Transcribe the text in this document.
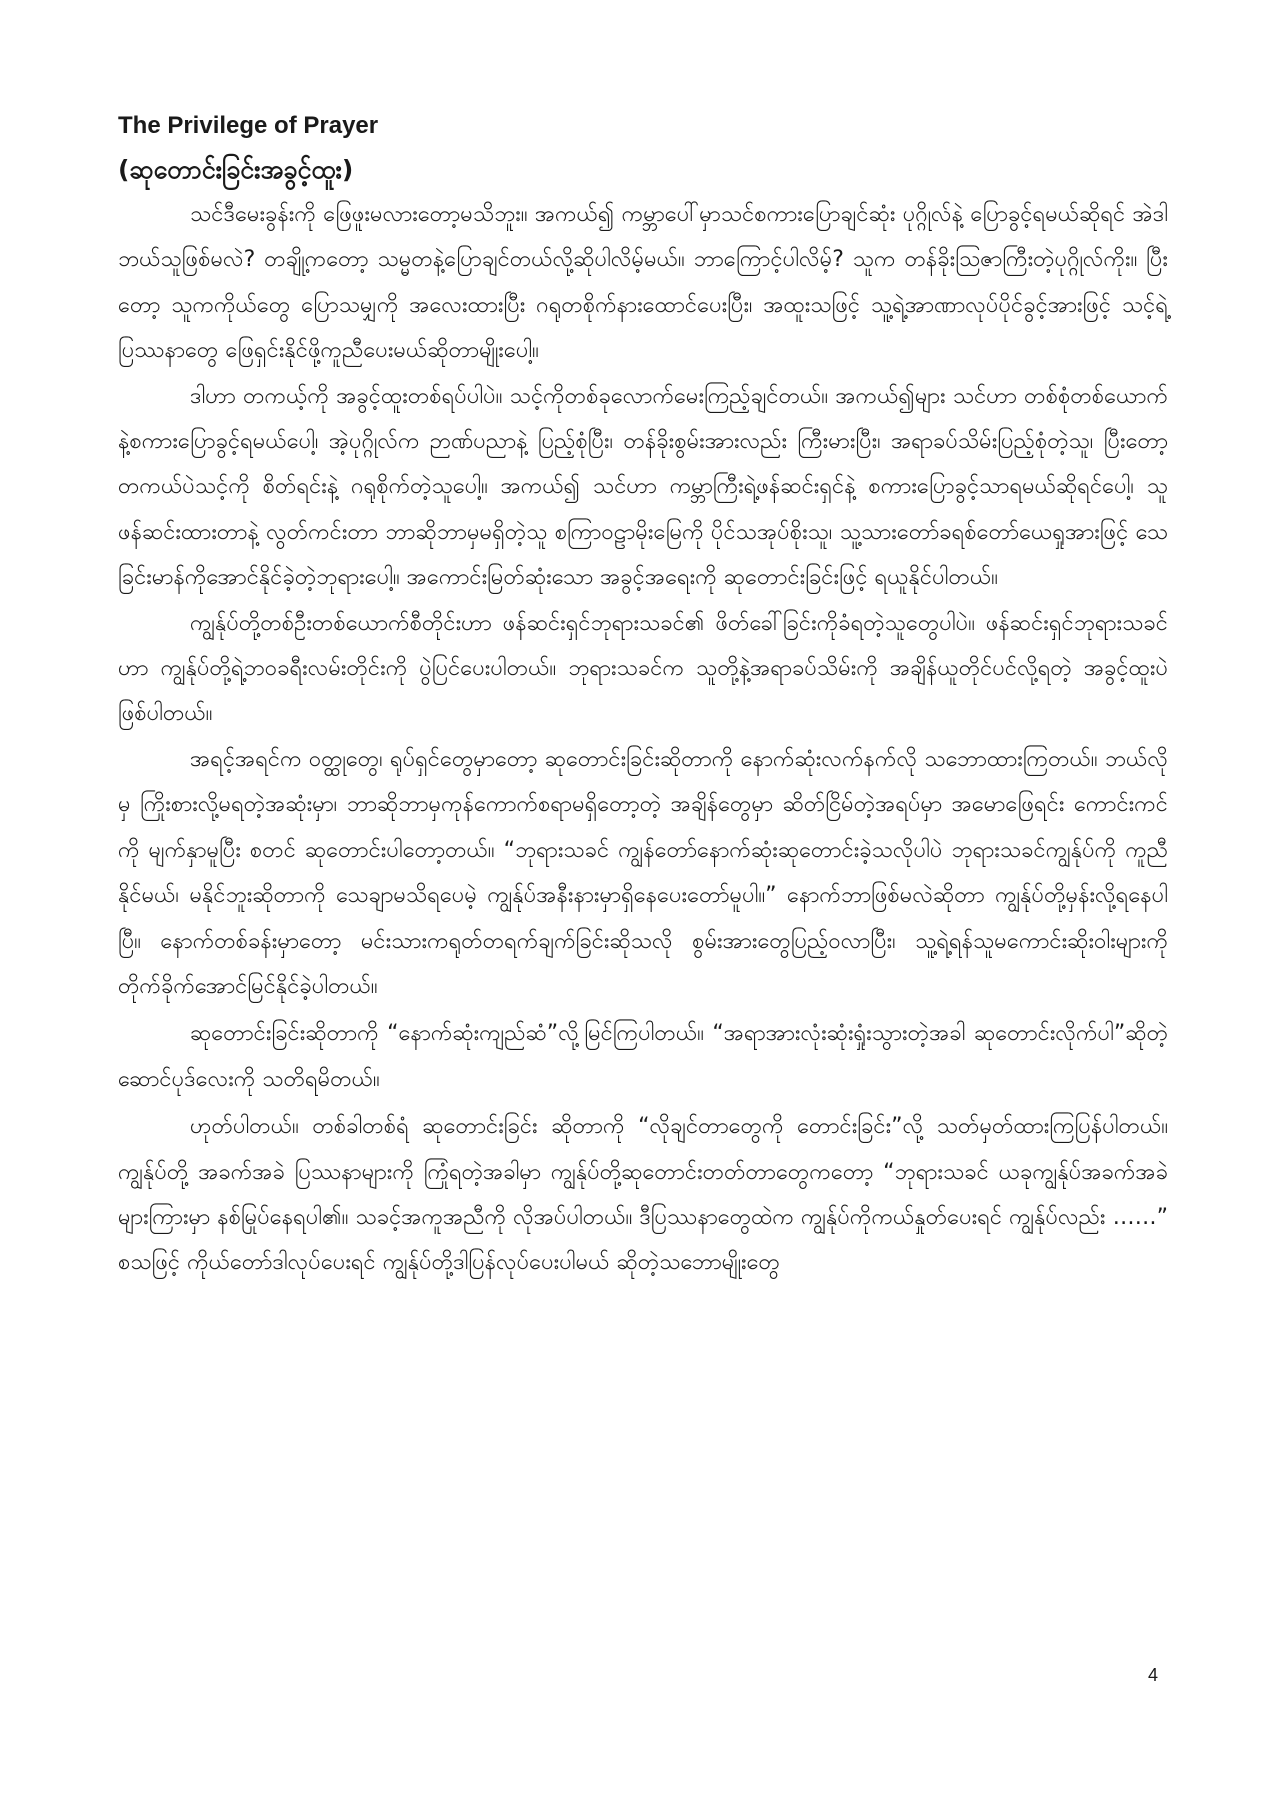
The Privilege of Prayer
(ဆုတောင်းခြင်းအခွင့်ထူး)

သင်ဒီမေးခွန်းကို ဖြေဖူးမလားတော့မသိဘူး။ အကယ်၍ ကမ္ဘာပေါ်မှာသင်စကားပြောချင်ဆုံး ပုဂ္ဂိုလ်နဲ့ ပြောခွင့်ရမယ်ဆိုရင် အဲဒါဘယ်သူဖြစ်မလဲ? တချို့ကတော့ သမ္မတနဲ့ပြောချင်တယ်လို့ဆိုပါလိမ့်မယ်။ ဘာကြောင့်ပါလိမ့်? သူက တန်ခိုးဩဇာကြီးတဲ့ပုဂ္ဂိုလ်ကိုး။ ပြီးတော့ သူကကိုယ်တွေ ပြောသမျှကို အလေးထားပြီး ဂရုတစိုက်နားထောင်ပေးပြီး၊ အထူးသဖြင့် သူ့ရဲ့အာဏာလုပ်ပိုင်ခွင့်အားဖြင့် သင့်ရဲ့ပြဿနာတွေ ဖြေရှင်းနိုင်ဖို့ကူညီပေးမယ်ဆိုတာမျိုးပေါ့။

ဒါဟာ တကယ့်ကို အခွင့်ထူးတစ်ရပ်ပါပဲ။ သင့်ကိုတစ်ခုလောက်မေးကြည့်ချင်တယ်။ အကယ်၍များ သင်ဟာ တစ်စုံတစ်ယောက်နဲ့စကားပြောခွင့်ရမယ်ပေါ့၊ အဲ့ပုဂ္ဂိုလ်က ဉာဏ်ပညာနဲ့ ပြည့်စုံပြီး၊ တန်ခိုးစွမ်းအားလည်း ကြီးမားပြီး၊ အရာခပ်သိမ်းပြည့်စုံတဲ့သူ၊ ပြီးတော့ တကယ်ပဲသင့်ကို စိတ်ရင်းနဲ့ ဂရုစိုက်တဲ့သူပေါ့။ အကယ်၍ သင်ဟာ ကမ္ဘာကြီးရဲ့ဖန်ဆင်းရှင်နဲ့ စကားပြောခွင့်သာရမယ်ဆိုရင်ပေါ့၊ သူဖန်ဆင်းထားတာနဲ့ လွတ်ကင်းတာ ဘာဆိုဘာမှမရှိတဲ့သူ စကြာဝဠာမိုးမြေကို ပိုင်သအုပ်စိုးသူ၊ သူ့သားတော်ခရစ်တော်ယေရှုအားဖြင့် သေခြင်းမာန်ကိုအောင်နိုင်ခဲ့တဲ့ဘုရားပေါ့။ အကောင်းမြတ်ဆုံးသော အခွင့်အရေးကို ဆုတောင်းခြင်းဖြင့် ရယူနိုင်ပါတယ်။

ကျွန်ုပ်တို့တစ်ဦးတစ်ယောက်စီတိုင်းဟာ ဖန်ဆင်းရှင်ဘုရားသခင်၏ ဖိတ်ခေါ်ခြင်းကိုခံရတဲ့သူတွေပါပဲ။ ဖန်ဆင်းရှင်ဘုရားသခင်ဟာ ကျွန်ုပ်တို့ရဲ့ဘဝခရီးလမ်းတိုင်းကို ပွဲပြင်ပေးပါတယ်။ ဘုရားသခင်က သူတို့နဲ့အရာခပ်သိမ်းကို အချိန်ယူတိုင်ပင်လို့ရတဲ့ အခွင့်ထူးပဲ ဖြစ်ပါတယ်။

အရင့်အရင်က ဝတ္ထုတွေ၊ ရုပ်ရှင်တွေမှာတော့ ဆုတောင်းခြင်းဆိုတာကို နောက်ဆုံးလက်နက်လို သဘောထားကြတယ်။ ဘယ်လိုမှ ကြိုးစားလို့မရတဲ့အဆုံးမှာ၊ ဘာဆိုဘာမှကုန်ကောက်စရာမရှိတော့တဲ့ အချိန်တွေမှာ ဆိတ်ငြိမ်တဲ့အရပ်မှာ အမောဖြေရင်း ကောင်းကင်ကို မျက်နှာမူပြီး စတင် ဆုတောင်းပါတော့တယ်။ “ဘုရားသခင် ကျွန်တော်နောက်ဆုံးဆုတောင်းခဲ့သလိုပါပဲ ဘုရားသခင်ကျွန်ုပ်ကို ကူညီနိုင်မယ်၊ မနိုင်ဘူးဆိုတာကို သေချာမသိရပေမဲ့ ကျွန်ုပ်အနီးနားမှာရှိနေပေးတော်မူပါ။” နောက်ဘာဖြစ်မလဲဆိုတာ ကျွန်ုပ်တို့မှန်းလို့ရနေပါပြီ။ နောက်တစ်ခန်းမှာတော့ မင်းသားကရုတ်တရက်ချက်ခြင်းဆိုသလို စွမ်းအားတွေပြည့်ဝလာပြီး၊ သူ့ရဲ့ရန်သူမကောင်းဆိုးဝါးများကို တိုက်ခိုက်အောင်မြင်နိုင်ခဲ့ပါတယ်။

ဆုတောင်းခြင်းဆိုတာကို “နောက်ဆုံးကျည်ဆံ”လို့မြင်ကြပါတယ်။ “အရာအားလုံးဆုံးရှုံးသွားတဲ့အခါ ဆုတောင်းလိုက်ပါ”ဆိုတဲ့ ဆောင်ပုဒ်လေးကို သတိရမိတယ်။

ဟုတ်ပါတယ်။ တစ်ခါတစ်ရံ ဆုတောင်းခြင်း ဆိုတာကို “လိုချင်တာတွေကို တောင်းခြင်း”လို့ သတ်မှတ်ထားကြပြန်ပါတယ်။ ကျွန်ုပ်တို့ အခက်အခဲ ပြဿနာများကို ကြုံရတဲ့အခါမှာ ကျွန်ုပ်တို့ဆုတောင်းတတ်တာတွေကတော့ “ဘုရားသခင် ယခုကျွန်ုပ်အခက်အခဲများကြားမှာ နစ်မြုပ်နေရပါ၏။ သခင့်အကူအညီကို လိုအပ်ပါတယ်။ ဒီပြဿနာတွေထဲက ကျွန်ုပ်ကိုကယ်နှုတ်ပေးရင် ကျွန်ုပ်လည်း ……” စသဖြင့် ကိုယ်တော်ဒါလုပ်ပေးရင် ကျွန်ုပ်တို့ဒါပြန်လုပ်ပေးပါမယ် ဆိုတဲ့သဘောမျိုးတွေ

4
